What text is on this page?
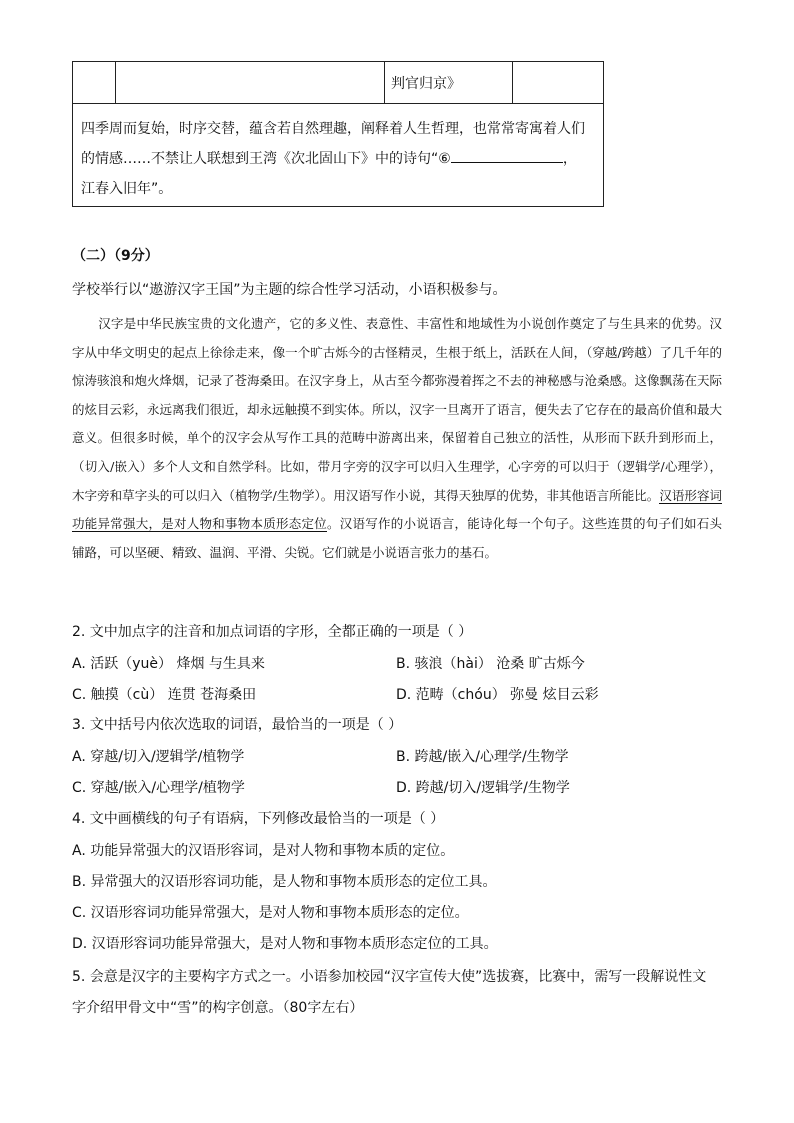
判官归京》
四季周而复始，时序交替，蕴含若自然理趣，阐释着人生哲理，也常常寄寓着人们
的情感……不禁让人联想到王湾《次北固山下》中的诗句“⑥	，
江春入旧年”。
（二）（9分）
学校举行以“遨游汉字王国”为主题的综合性学习活动，小语积极参与。
汉字是中华民族宝贵的文化遗产，它的多义性、表意性、丰富性和地域性为小说创作奠定了与生具来的优势。汉字从中华文明史的起点上徐徐走来，像一个旷古烁今的古怪精灵，生根于纸上，活跃在人间，（穿越/跨越）了几千年的惊涛骇浪和炮火烽烟，记录了苍海桑田。在汉字身上，从古至今都弥漫着挥之不去的神秘感与沧桑感。这像飘荡在天际的炫目云彩，永远离我们很近，却永远触摸不到实体。所以，汉字一旦离开了语言，便失去了它存在的最高价值和最大意义。但很多时候，单个的汉字会从写作工具的范畴中游离出来，保留着自己独立的活性，从形而下跃升到形而上，（切入/嵌入）多个人文和自然学科。比如，带月字旁的汉字可以归入生理学，心字旁的可以归于（逻辑学/心理学），木字旁和草字头的可以归入（植物学/生物学）。用汉语写作小说，其得天独厚的优势，非其他语言所能比。汉语形容词功能异常强大，是对人物和事物本质形态定位。汉语写作的小说语言，能诗化每一个句子。这些连贯的句子们如石头铺路，可以坚硬、精致、温润、平滑、尖锐。它们就是小说语言张力的基石。
2. 文中加点字的注音和加点词语的字形，全都正确的一项是（ ）
A. 活跃（yuè） 烽烟 与生具来	B. 骇浪（hài） 沧桑 旷古烁今
C. 触摸（cù） 连贯 苍海桑田	D. 范畴（chóu） 弥曼 炫目云彩
3. 文中括号内依次选取的词语，最恰当的一项是（ ）
A. 穿越/切入/逻辑学/植物学	B. 跨越/嵌入/心理学/生物学
C. 穿越/嵌入/心理学/植物学	D. 跨越/切入/逻辑学/生物学
4. 文中画横线的句子有语病，下列修改最恰当的一项是（ ）
A. 功能异常强大的汉语形容词，是对人物和事物本质的定位。
B. 异常强大的汉语形容词功能，是人物和事物本质形态的定位工具。
C. 汉语形容词功能异常强大，是对人物和事物本质形态的定位。
D. 汉语形容词功能异常强大，是对人物和事物本质形态定位的工具。
5. 会意是汉字的主要构字方式之一。小语参加校园“汉字宣传大使”选拔赛，比赛中，需写一段解说性文
字介绍甲骨文中“雪”的构字创意。（80字左右）
